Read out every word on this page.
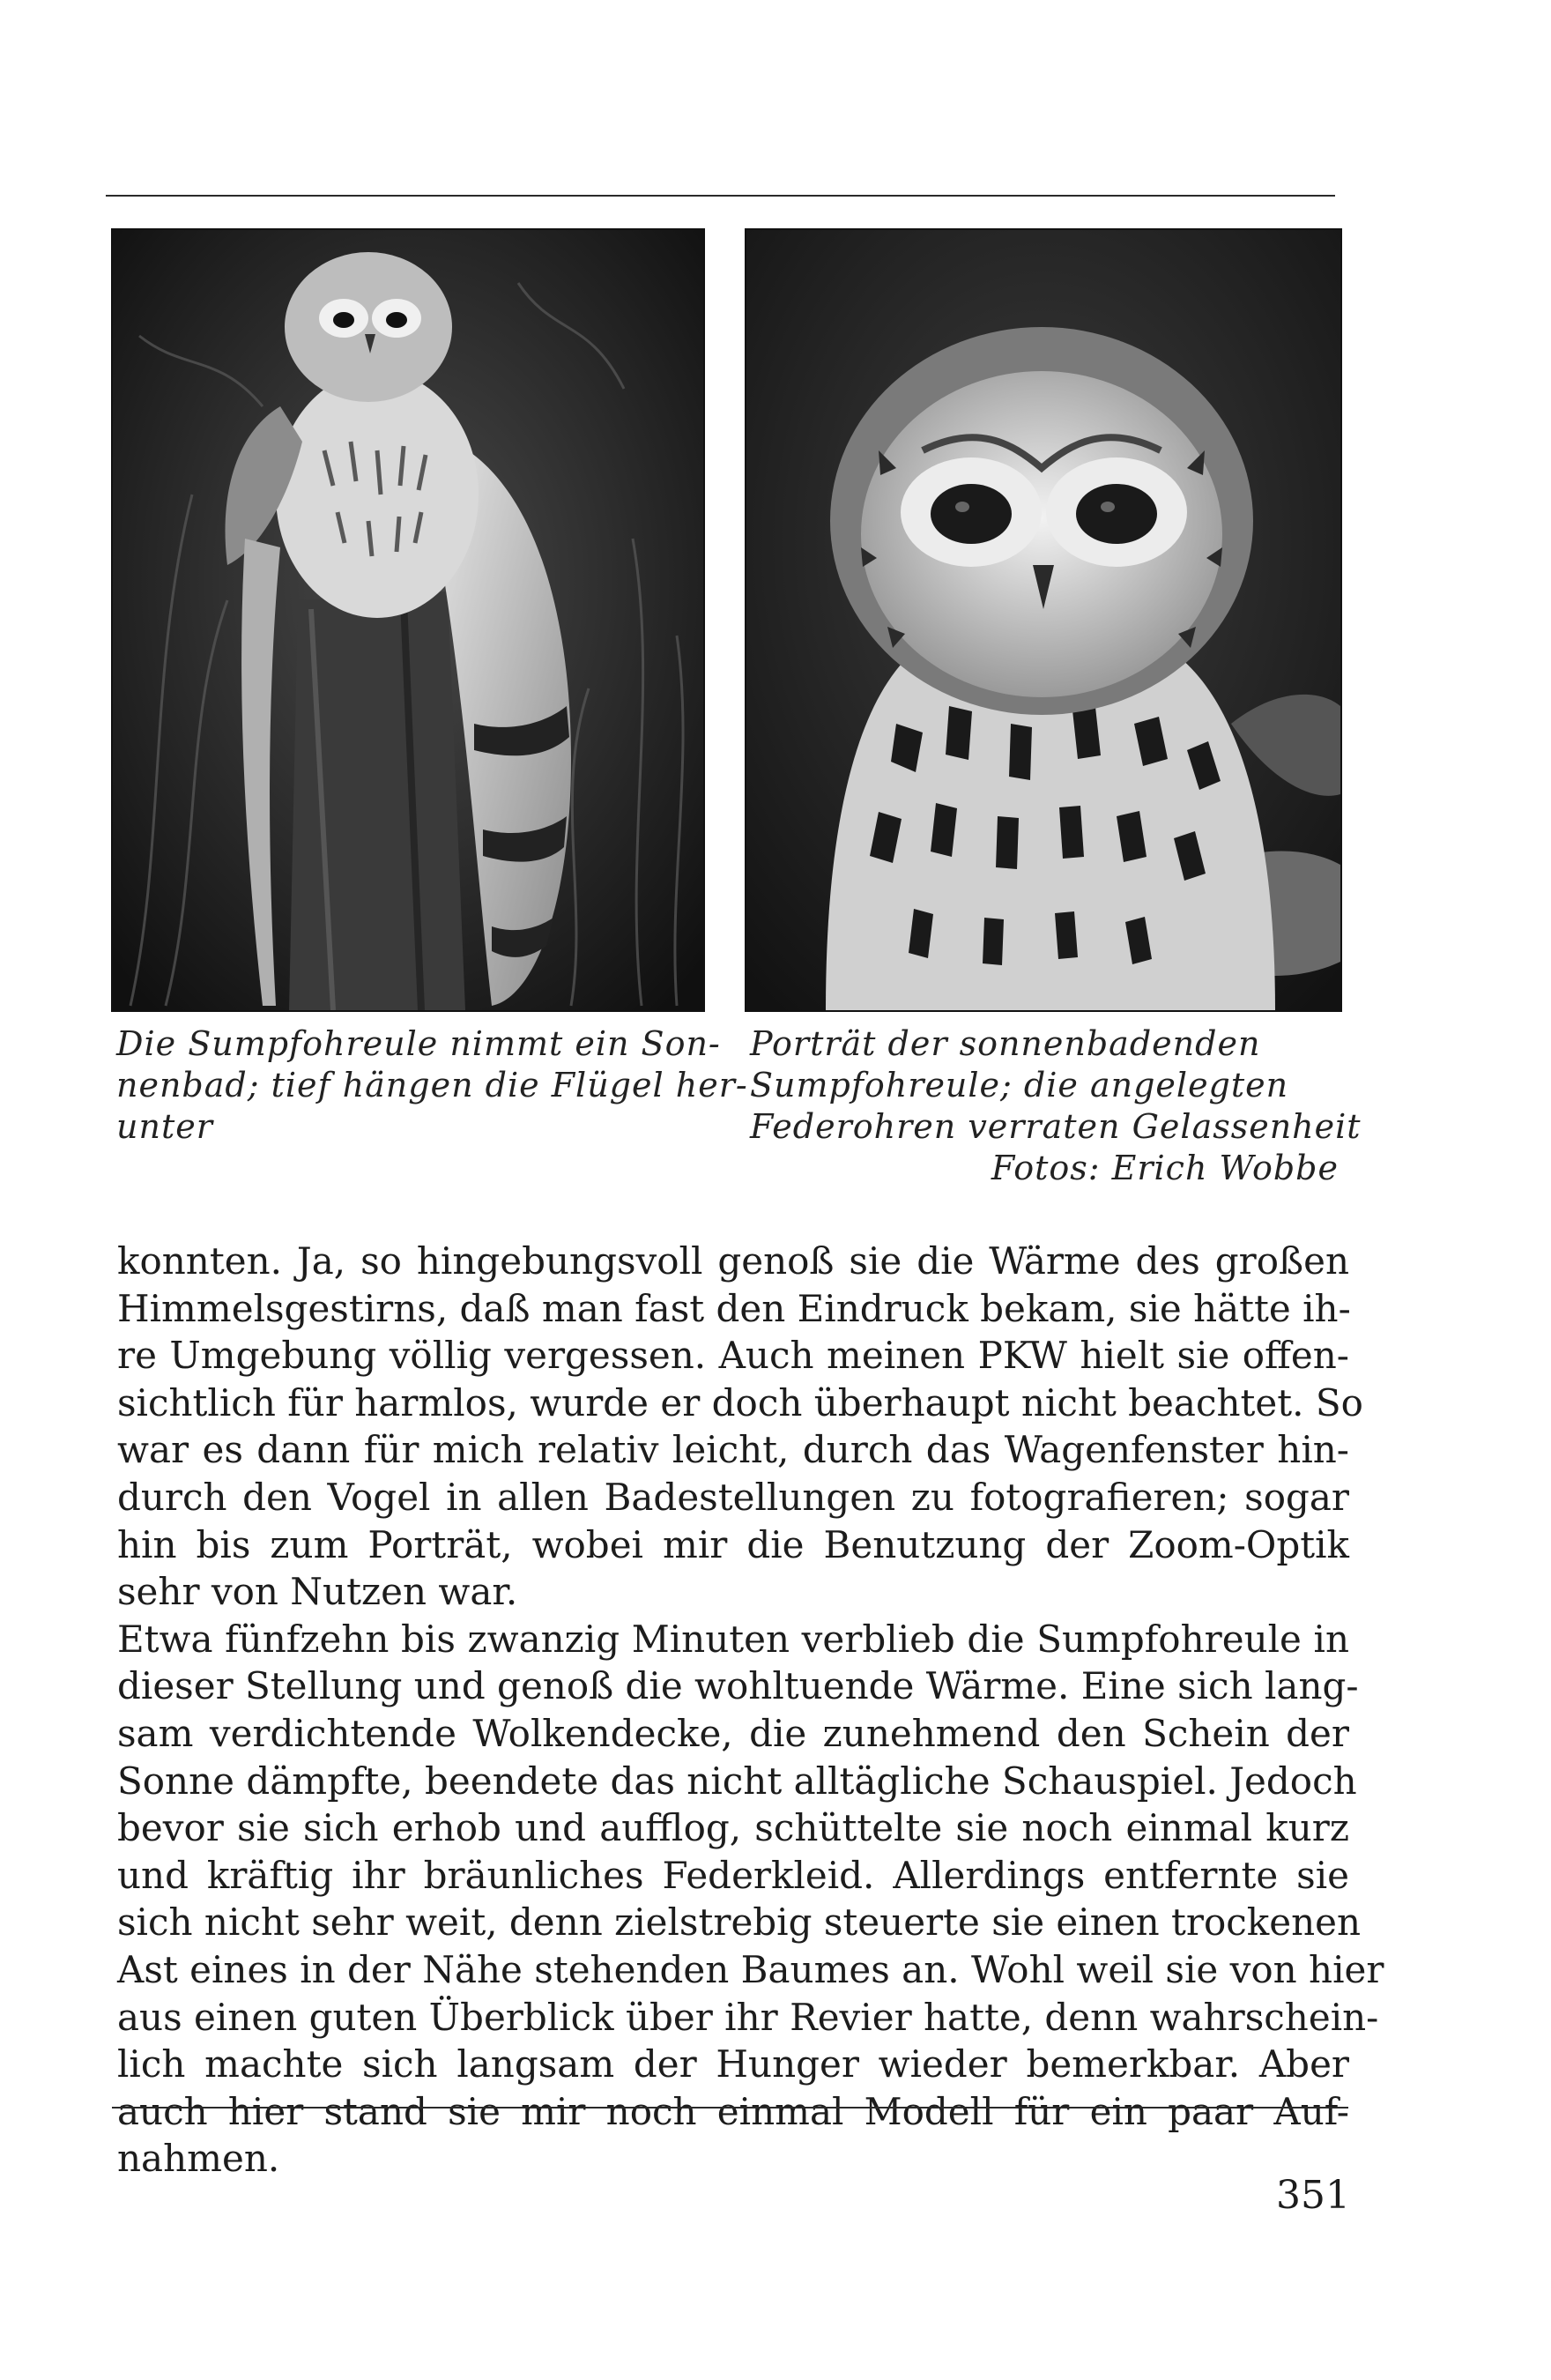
Die Sumpfohreule nimmt ein Son-
nenbad; tief hängen die Flügel her-
unter
Porträt der sonnenbadenden
Sumpfohreule; die angelegten
Federohren verraten Gelassenheit
Fotos: Erich Wobbe
konnten. Ja, so hingebungsvoll genoß sie die Wärme des großen
Himmelsgestirns, daß man fast den Eindruck bekam, sie hätte ih-
re Umgebung völlig vergessen. Auch meinen PKW hielt sie offen-
sichtlich für harmlos, wurde er doch überhaupt nicht beachtet. So
war es dann für mich relativ leicht, durch das Wagenfenster hin-
durch den Vogel in allen Badestellungen zu fotografieren; sogar
hin bis zum Porträt, wobei mir die Benutzung der Zoom-Optik
sehr von Nutzen war.
Etwa fünfzehn bis zwanzig Minuten verblieb die Sumpfohreule in
dieser Stellung und genoß die wohltuende Wärme. Eine sich lang-
sam verdichtende Wolkendecke, die zunehmend den Schein der
Sonne dämpfte, beendete das nicht alltägliche Schauspiel. Jedoch
bevor sie sich erhob und aufflog, schüttelte sie noch einmal kurz
und kräftig ihr bräunliches Federkleid. Allerdings entfernte sie
sich nicht sehr weit, denn zielstrebig steuerte sie einen trockenen
Ast eines in der Nähe stehenden Baumes an. Wohl weil sie von hier
aus einen guten Überblick über ihr Revier hatte, denn wahrschein-
lich machte sich langsam der Hunger wieder bemerkbar. Aber
auch hier stand sie mir noch einmal Modell für ein paar Auf-
nahmen.
351
